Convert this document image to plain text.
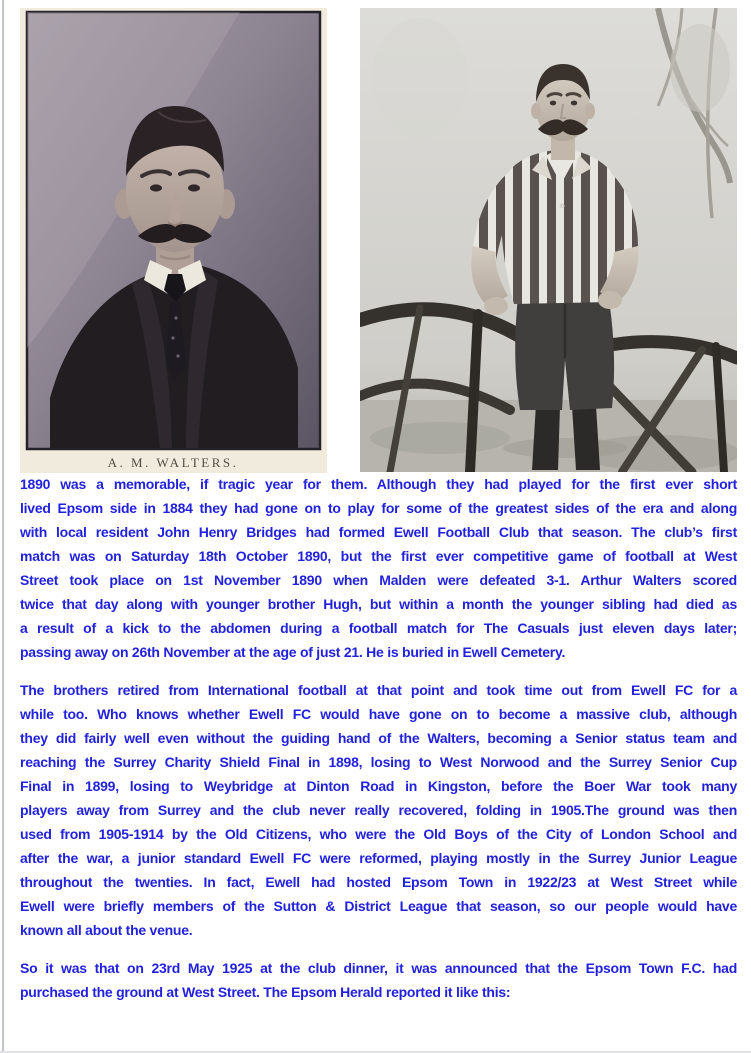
A. M. WALTERS.
1890 was a memorable, if tragic year for them. Although they had played for the first ever short
lived Epsom side in 1884 they had gone on to play for some of the greatest sides of the era and along
with local resident John Henry Bridges had formed Ewell Football Club that season. The club’s first
match was on Saturday 18th October 1890, but the first ever competitive game of football at West
Street took place on 1st November 1890 when Malden were defeated 3-1. Arthur Walters scored
twice that day along with younger brother Hugh, but within a month the younger sibling had died as
a result of a kick to the abdomen during a football match for The Casuals just eleven days later;
passing away on 26th November at the age of just 21. He is buried in Ewell Cemetery.
The brothers retired from International football at that point and took time out from Ewell FC for a
while too. Who knows whether Ewell FC would have gone on to become a massive club, although
they did fairly well even without the guiding hand of the Walters, becoming a Senior status team and
reaching the Surrey Charity Shield Final in 1898, losing to West Norwood and the Surrey Senior Cup
Final in 1899, losing to Weybridge at Dinton Road in Kingston, before the Boer War took many
players away from Surrey and the club never really recovered, folding in 1905.The ground was then
used from 1905-1914 by the Old Citizens, who were the Old Boys of the City of London School and
after the war, a junior standard Ewell FC were reformed, playing mostly in the Surrey Junior League
throughout the twenties. In fact, Ewell had hosted Epsom Town in 1922/23 at West Street while
Ewell were briefly members of the Sutton & District League that season, so our people would have
known all about the venue.
So it was that on 23rd May 1925 at the club dinner, it was announced that the Epsom Town F.C. had
purchased the ground at West Street. The Epsom Herald reported it like this:
